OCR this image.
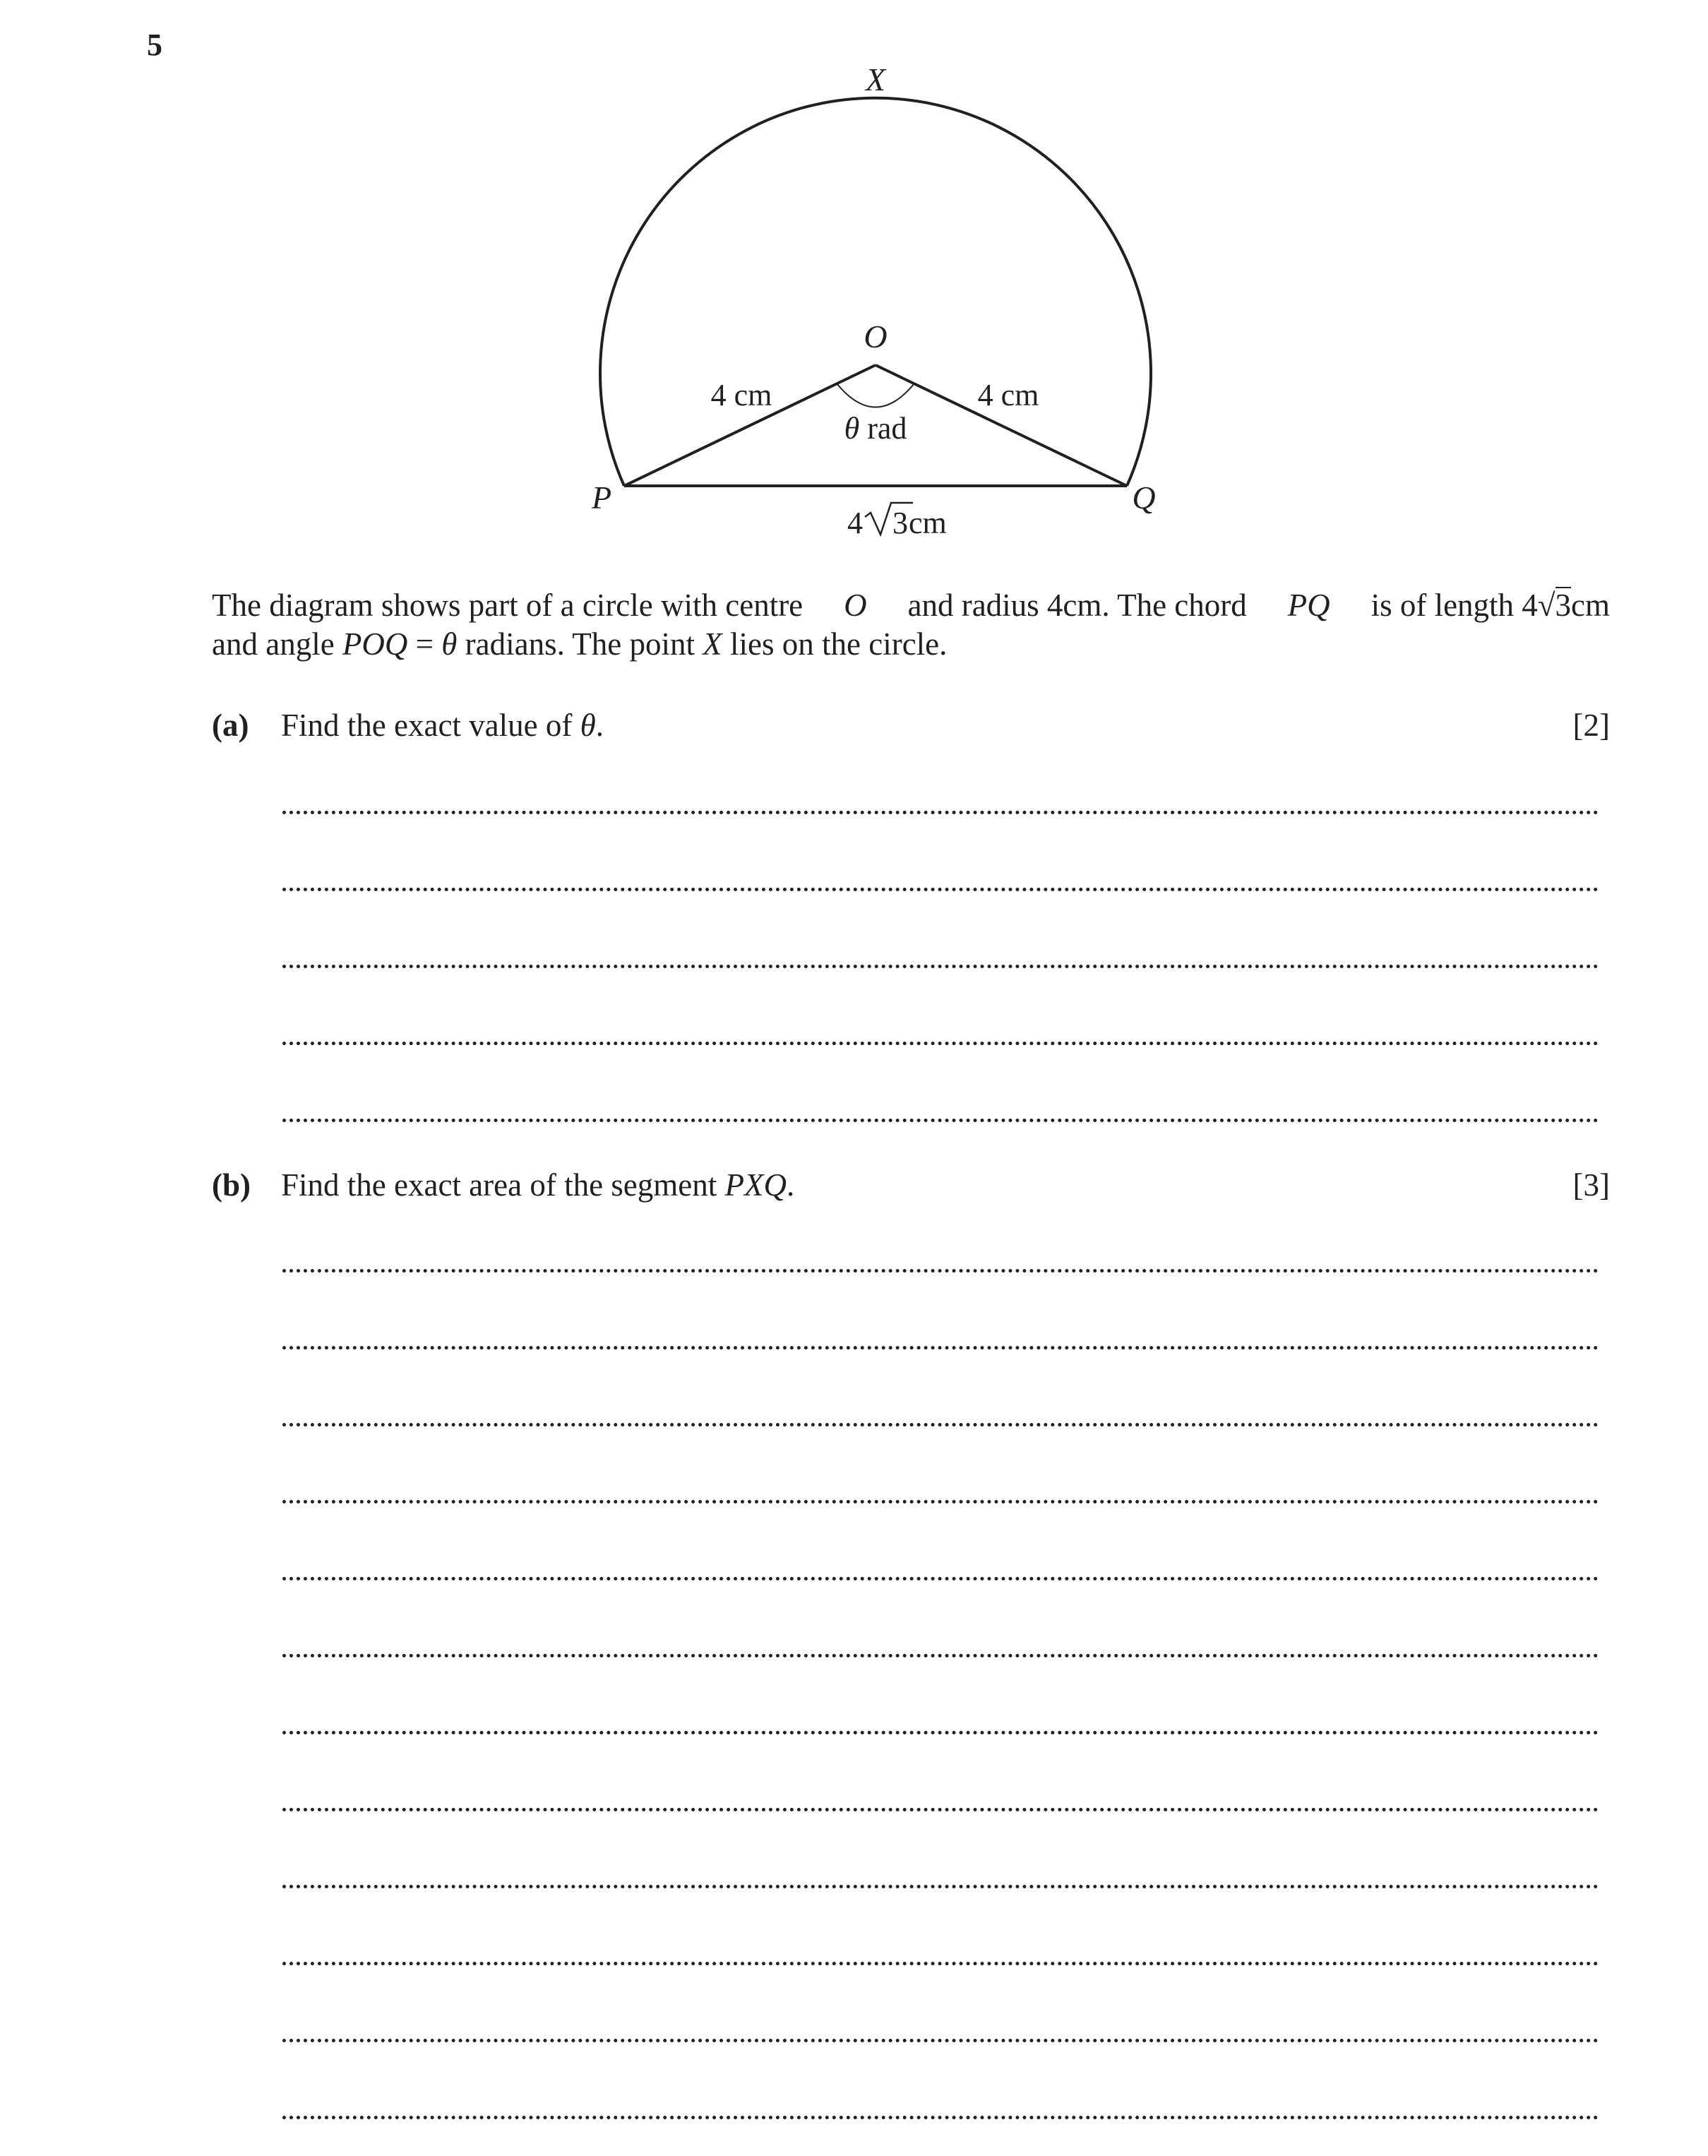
5
X
O
P	Q
4 cm	4 cm
θ rad
4 3 cm
The diagram shows part of a circle with centre O and radius 4cm. The chord PQ is of length 4√3cm
and angle POQ = θ radians. The point X lies on the circle.
(a) Find the exact value of θ.	[2]
(b) Find the exact area of the segment PXQ.	[3]
